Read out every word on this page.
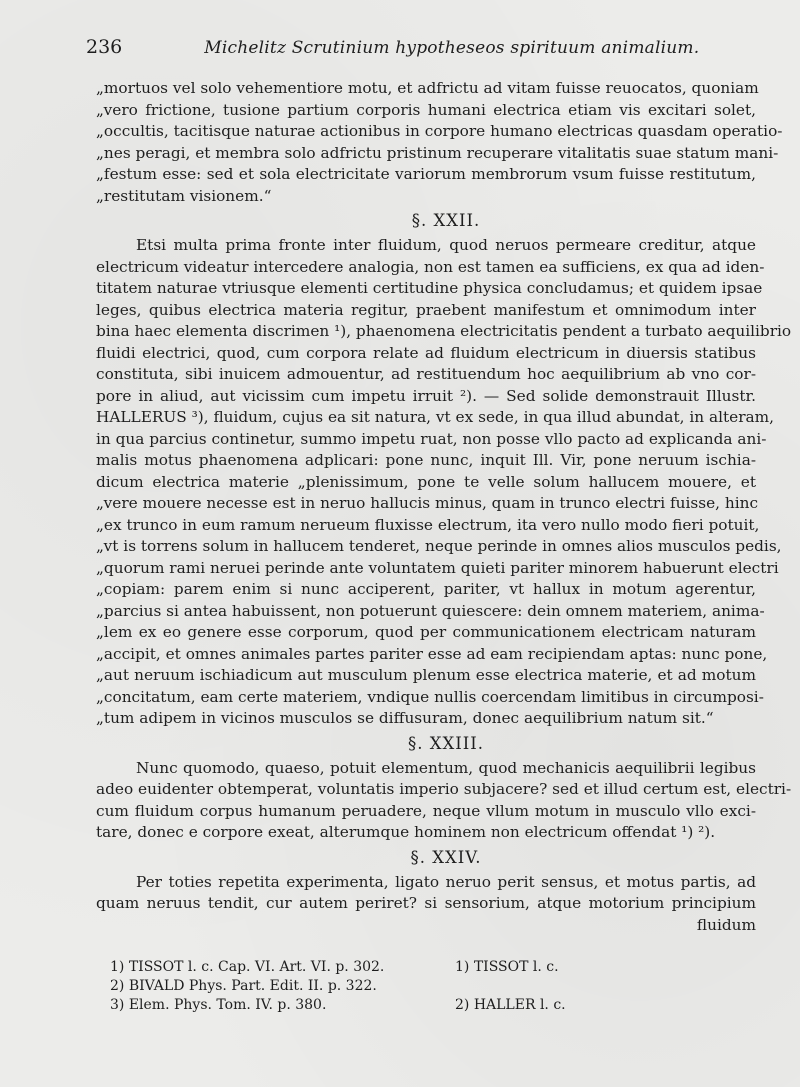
236	Michelitz Scrutinium hypotheseos spirituum animalium.
„mortuos vel solo vehementiore motu, et adfrictu ad vitam fuisse reuocatos, quoniam
„vero frictione, tusione partium corporis humani electrica etiam vis excitari solet,
„occultis, tacitisque naturae actionibus in corpore humano electricas quasdam operatio-
„nes peragi, et membra solo adfrictu pristinum recuperare vitalitatis suae statum mani-
„festum esse: sed et sola electricitate variorum membrorum vsum fuisse restitutum,
„restitutam visionem.“
§. XXII.
Etsi multa prima fronte inter fluidum, quod neruos permeare creditur, atque
electricum videatur intercedere analogia, non est tamen ea sufficiens, ex qua ad iden-
titatem naturae vtriusque elementi certitudine physica concludamus; et quidem ipsae
leges, quibus electrica materia regitur, praebent manifestum et omnimodum inter
bina haec elementa discrimen ¹), phaenomena electricitatis pendent a turbato aequilibrio
fluidi electrici, quod, cum corpora relate ad fluidum electricum in diuersis statibus
constituta, sibi inuicem admouentur, ad restituendum hoc aequilibrium ab vno cor-
pore in aliud, aut vicissim cum impetu irruit ²). — Sed solide demonstrauit Illustr.
HALLERUS ³), fluidum, cujus ea sit natura, vt ex sede, in qua illud abundat, in alteram,
in qua parcius continetur, summo impetu ruat, non posse vllo pacto ad explicanda ani-
malis motus phaenomena adplicari: pone nunc, inquit Ill. Vir, pone neruum ischia-
dicum electrica materie „plenissimum, pone te velle solum hallucem mouere, et
„vere mouere necesse est in neruo hallucis minus, quam in trunco electri fuisse, hinc
„ex trunco in eum ramum nerueum fluxisse electrum, ita vero nullo modo fieri potuit,
„vt is torrens solum in hallucem tenderet, neque perinde in omnes alios musculos pedis,
„quorum rami neruei perinde ante voluntatem quieti pariter minorem habuerunt electri
„copiam: parem enim si nunc acciperent, pariter, vt hallux in motum agerentur,
„parcius si antea habuissent, non potuerunt quiescere: dein omnem materiem, anima-
„lem ex eo genere esse corporum, quod per communicationem electricam naturam
„accipit, et omnes animales partes pariter esse ad eam recipiendam aptas: nunc pone,
„aut neruum ischiadicum aut musculum plenum esse electrica materie, et ad motum
„concitatum, eam certe materiem, vndique nullis coercendam limitibus in circumposi-
„tum adipem in vicinos musculos se diffusuram, donec aequilibrium natum sit.“
§. XXIII.
Nunc quomodo, quaeso, potuit elementum, quod mechanicis aequilibrii legibus
adeo euidenter obtemperat, voluntatis imperio subjacere? sed et illud certum est, electri-
cum fluidum corpus humanum peruadere, neque vllum motum in musculo vllo exci-
tare, donec e corpore exeat, alterumque hominem non electricum offendat ¹) ²).
§. XXIV.
Per toties repetita experimenta, ligato neruo perit sensus, et motus partis, ad
quam neruus tendit, cur autem periret? si sensorium, atque motorium principium
fluidum
1) TISSOT l. c. Cap. VI. Art. VI. p. 302.	1) TISSOT l. c.
2) BIVALD Phys. Part. Edit. II. p. 322.
3) Elem. Phys. Tom. IV. p. 380.	2) HALLER l. c.
